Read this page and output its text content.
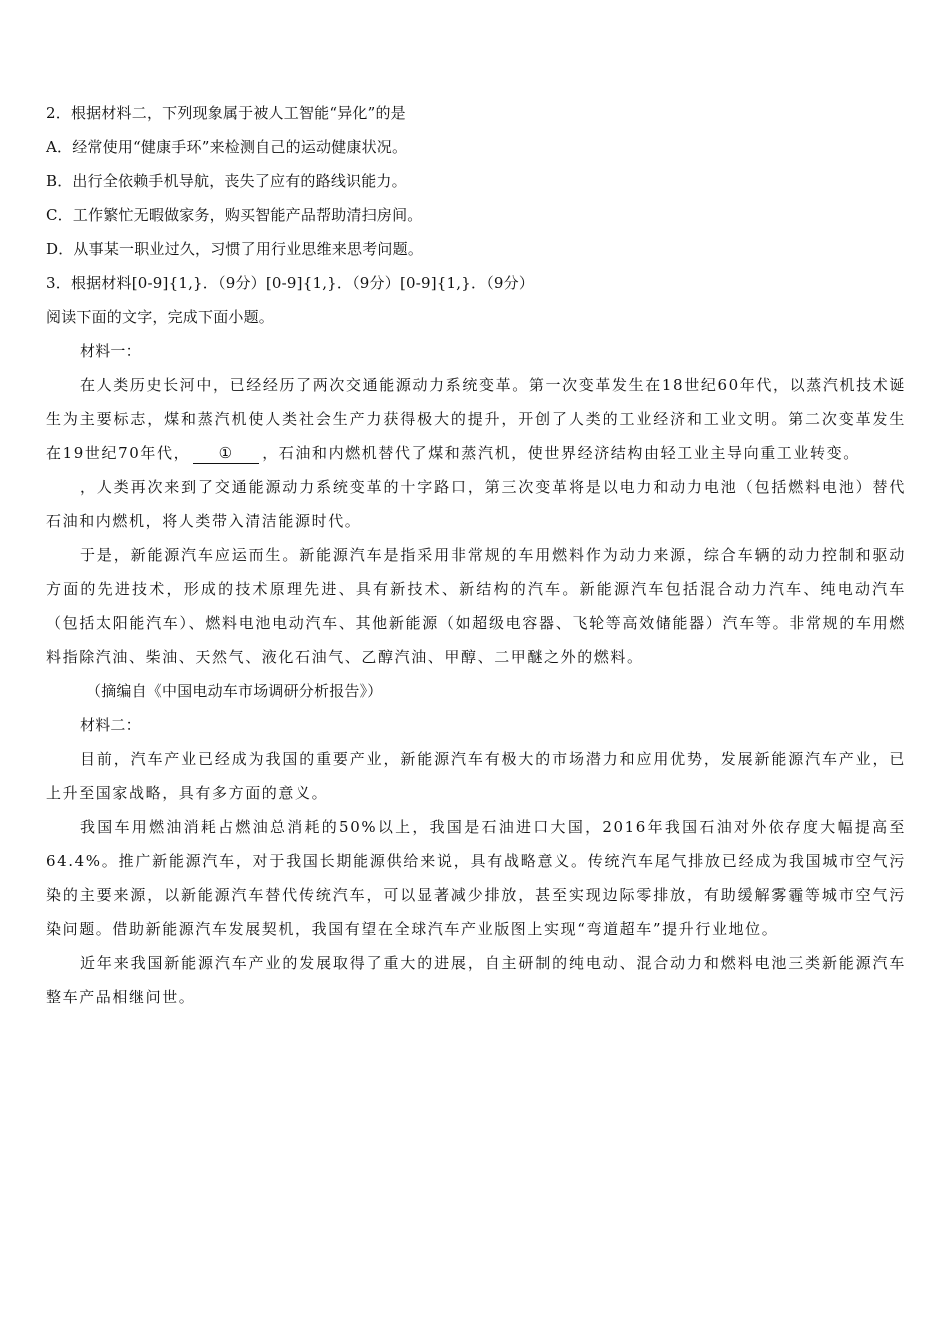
2．根据材料二，下列现象属于被人工智能“异化”的是
A．经常使用“健康手环”来检测自己的运动健康状况。
B．出行全依赖手机导航，丧失了应有的路线识能力。
C．工作繁忙无暇做家务，购买智能产品帮助清扫房间。
D．从事某一职业过久，习惯了用行业思维来思考问题。
3．根据材料[0-9]{1,}．（9分）[0-9]{1,}．（9分）[0-9]{1,}．（9分）
阅读下面的文字，完成下面小题。
材料一：

在人类历史长河中，已经经历了两次交通能源动力系统变革。第一次变革发生在18世纪60年代，以蒸汽机技术诞生为主要标志，煤和蒸汽机使人类社会生产力获得极大的提升，开创了人类的工业经济和工业文明。第二次变革发生在19世纪70年代， ① ，石油和内燃机替代了煤和蒸汽机，使世界经济结构由轻工业主导向重工业转变。

，人类再次来到了交通能源动力系统变革的十字路口，第三次变革将是以电力和动力电池（包括燃料电池）替代石油和内燃机，将人类带入清洁能源时代。

于是，新能源汽车应运而生。新能源汽车是指采用非常规的车用燃料作为动力来源，综合车辆的动力控制和驱动方面的先进技术，形成的技术原理先进、具有新技术、新结构的汽车。新能源汽车包括混合动力汽车、纯电动汽车（包括太阳能汽车）、燃料电池电动汽车、其他新能源（如超级电容器、飞轮等高效储能器）汽车等。非常规的车用燃料指除汽油、柴油、天然气、液化石油气、乙醇汽油、甲醇、二甲醚之外的燃料。

（摘编自《中国电动车市场调研分析报告》）
材料二：

目前，汽车产业已经成为我国的重要产业，新能源汽车有极大的市场潜力和应用优势，发展新能源汽车产业，已上升至国家战略，具有多方面的意义。

我国车用燃油消耗占燃油总消耗的50%以上，我国是石油进口大国，2016年我国石油对外依存度大幅提高至64.4%。推广新能源汽车，对于我国长期能源供给来说，具有战略意义。传统汽车尾气排放已经成为我国城市空气污染的主要来源，以新能源汽车替代传统汽车，可以显著减少排放，甚至实现边际零排放，有助缓解雾霾等城市空气污染问题。借助新能源汽车发展契机，我国有望在全球汽车产业版图上实现“弯道超车”提升行业地位。

近年来我国新能源汽车产业的发展取得了重大的进展，自主研制的纯电动、混合动力和燃料电池三类新能源汽车整车产品相继问世。
